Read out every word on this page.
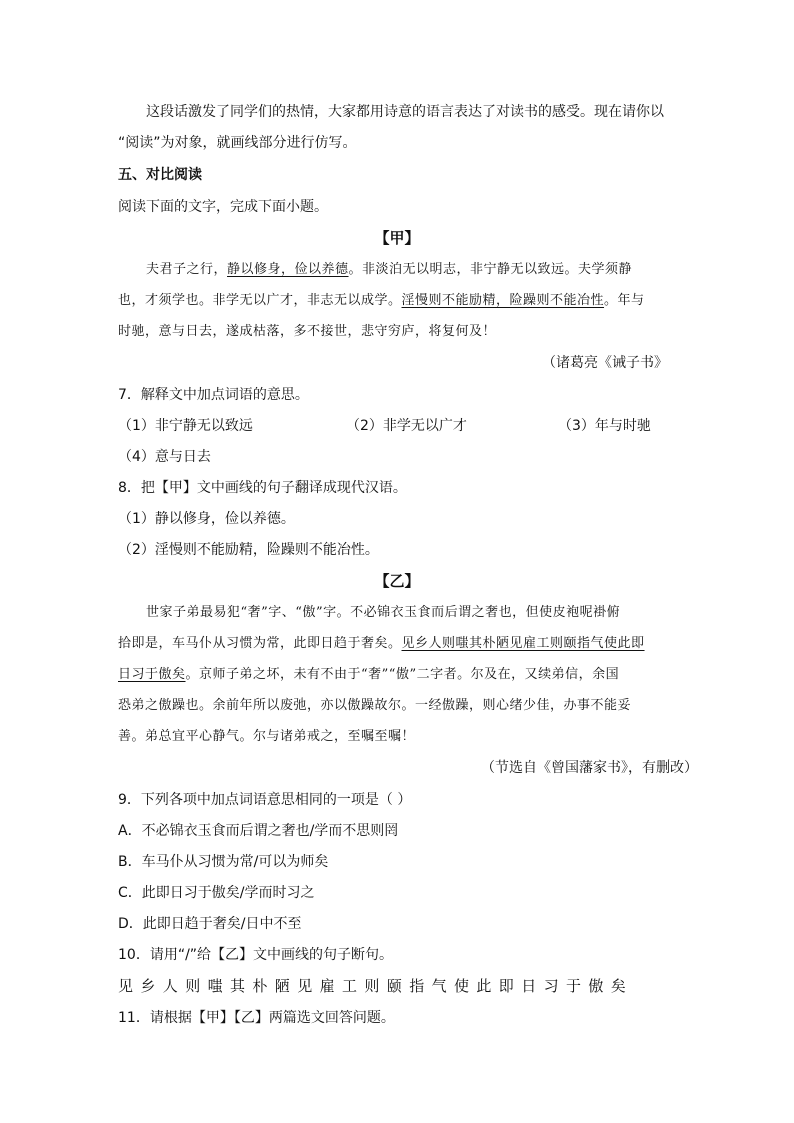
这段话激发了同学们的热情，大家都用诗意的语言表达了对读书的感受。现在请你以
“阅读”为对象，就画线部分进行仿写。
五、对比阅读
阅读下面的文字，完成下面小题。
【甲】
夫君子之行，静以修身，俭以养德。非淡泊无以明志，非宁静无以致远。夫学须静
也，才须学也。非学无以广才，非志无以成学。淫慢则不能励精，险躁则不能冶性。年与
时驰，意与日去，遂成枯落，多不接世，悲守穷庐，将复何及！
（诸葛亮《诫子书》
7．解释文中加点词语的意思。
（1）非宁静无以致远	（2）非学无以广才	（3）年与时驰
（4）意与日去
8．把【甲】文中画线的句子翻译成现代汉语。
（1）静以修身，俭以养德。
（2）淫慢则不能励精，险躁则不能冶性。
【乙】
世家子弟最易犯“奢”字、“傲”字。不必锦衣玉食而后谓之奢也，但使皮袍呢褂俯
拾即是，车马仆从习惯为常，此即日趋于奢矣。见乡人则嗤其朴陋见雇工则颐指气使此即
日习于傲矣。京师子弟之坏，未有不由于“奢”“傲”二字者。尔及在，又续弟信，余国
恐弟之傲躁也。余前年所以废弛，亦以傲躁故尔。一经傲躁，则心绪少佳，办事不能妥
善。弟总宜平心静气。尔与诸弟戒之，至嘱至嘱！
（节选自《曾国藩家书》，有删改）
9．下列各项中加点词语意思相同的一项是（ ）
A．不必锦衣玉食而后谓之奢也/学而不思则罔
B．车马仆从习惯为常/可以为师矣
C．此即日习于傲矣/学而时习之
D．此即日趋于奢矣/日中不至
10．请用“/”给【乙】文中画线的句子断句。
见乡人则嗤其朴陋见雇工则颐指气使此即日习于傲矣
11．请根据【甲】【乙】两篇选文回答问题。
